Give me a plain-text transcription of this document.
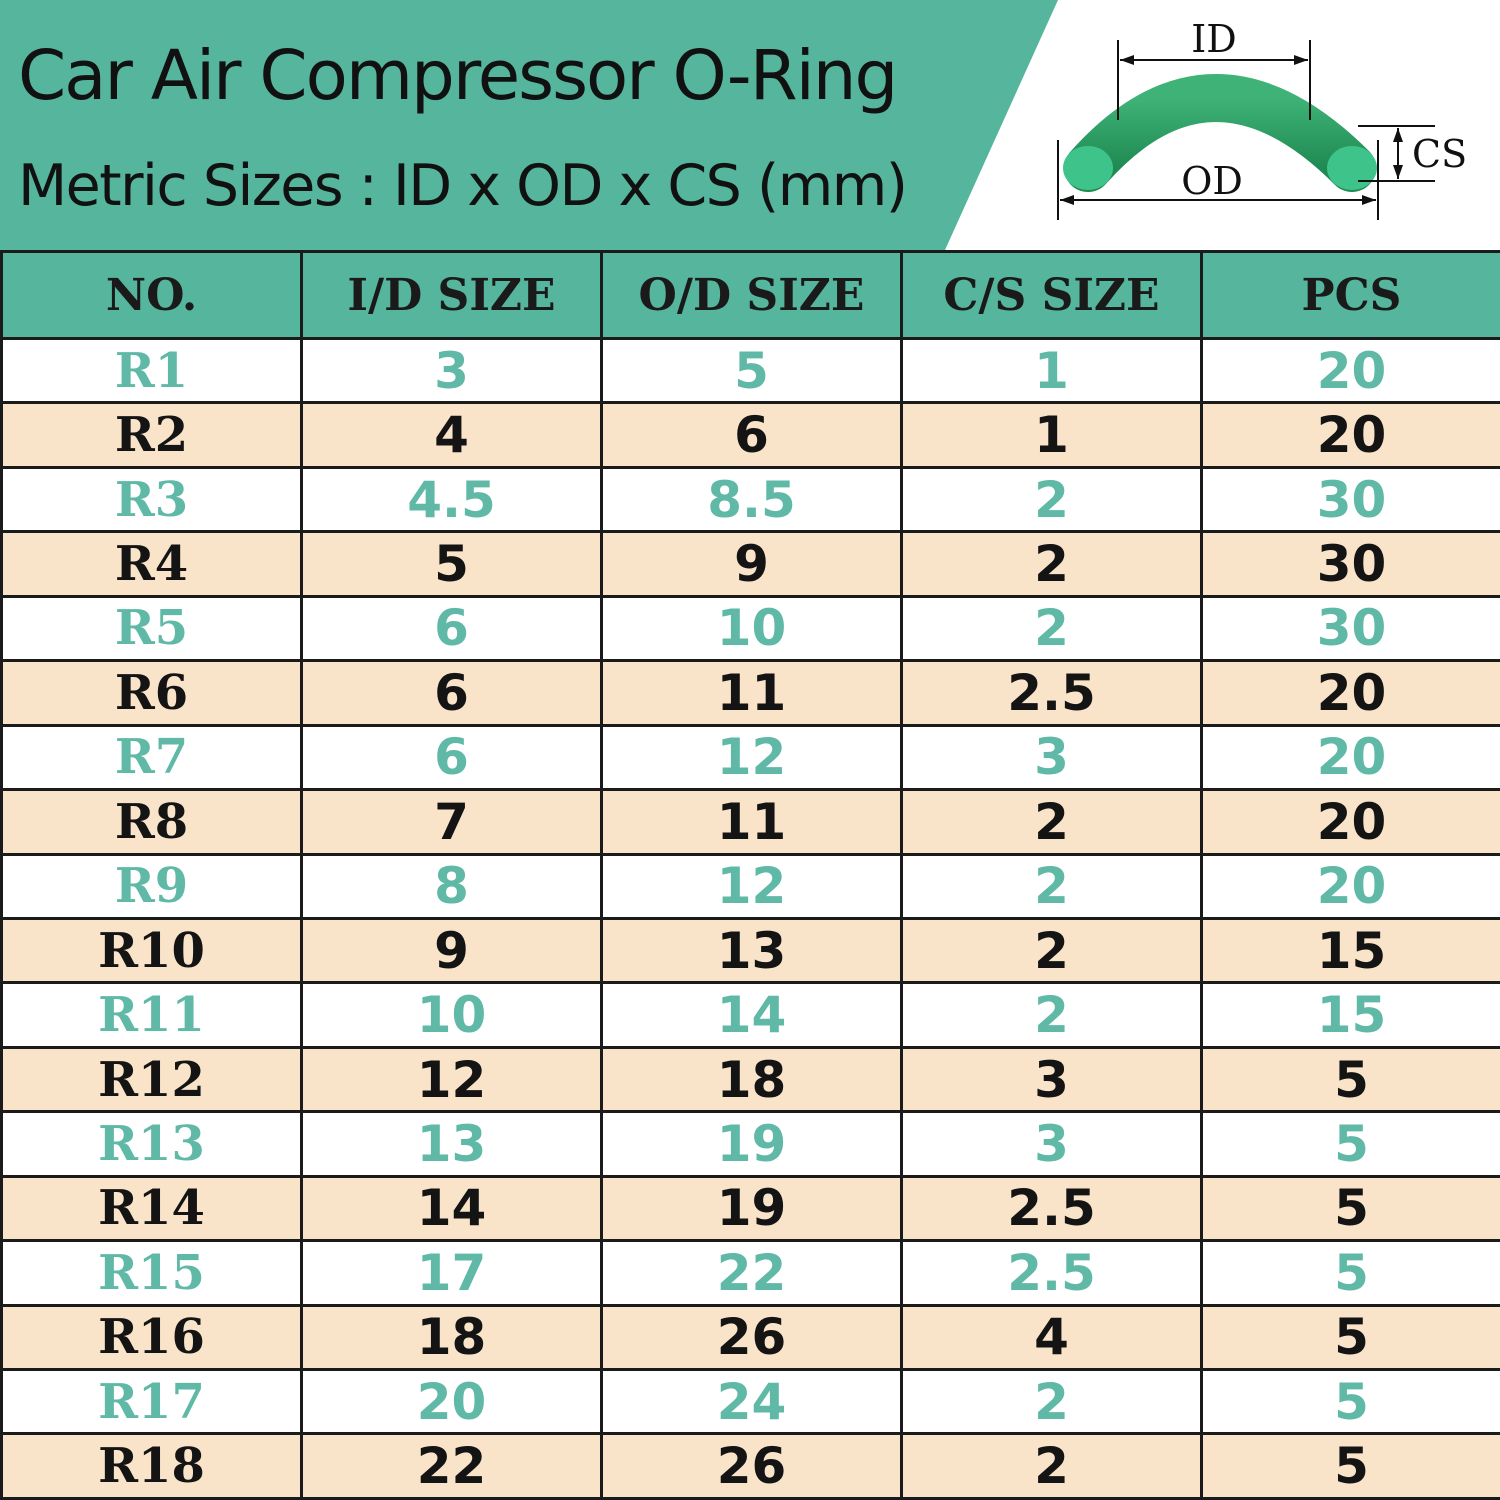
Car Air Compressor O-Ring
Metric Sizes : ID x OD x CS (mm)
ID
OD
CS
NO.	I/D SIZE	O/D SIZE	C/S SIZE	PCS
R1	3	5	1	20
R2	4	6	1	20
R3	4.5	8.5	2	30
R4	5	9	2	30
R5	6	10	2	30
R6	6	11	2.5	20
R7	6	12	3	20
R8	7	11	2	20
R9	8	12	2	20
R10	9	13	2	15
R11	10	14	2	15
R12	12	18	3	5
R13	13	19	3	5
R14	14	19	2.5	5
R15	17	22	2.5	5
R16	18	26	4	5
R17	20	24	2	5
R18	22	26	2	5
